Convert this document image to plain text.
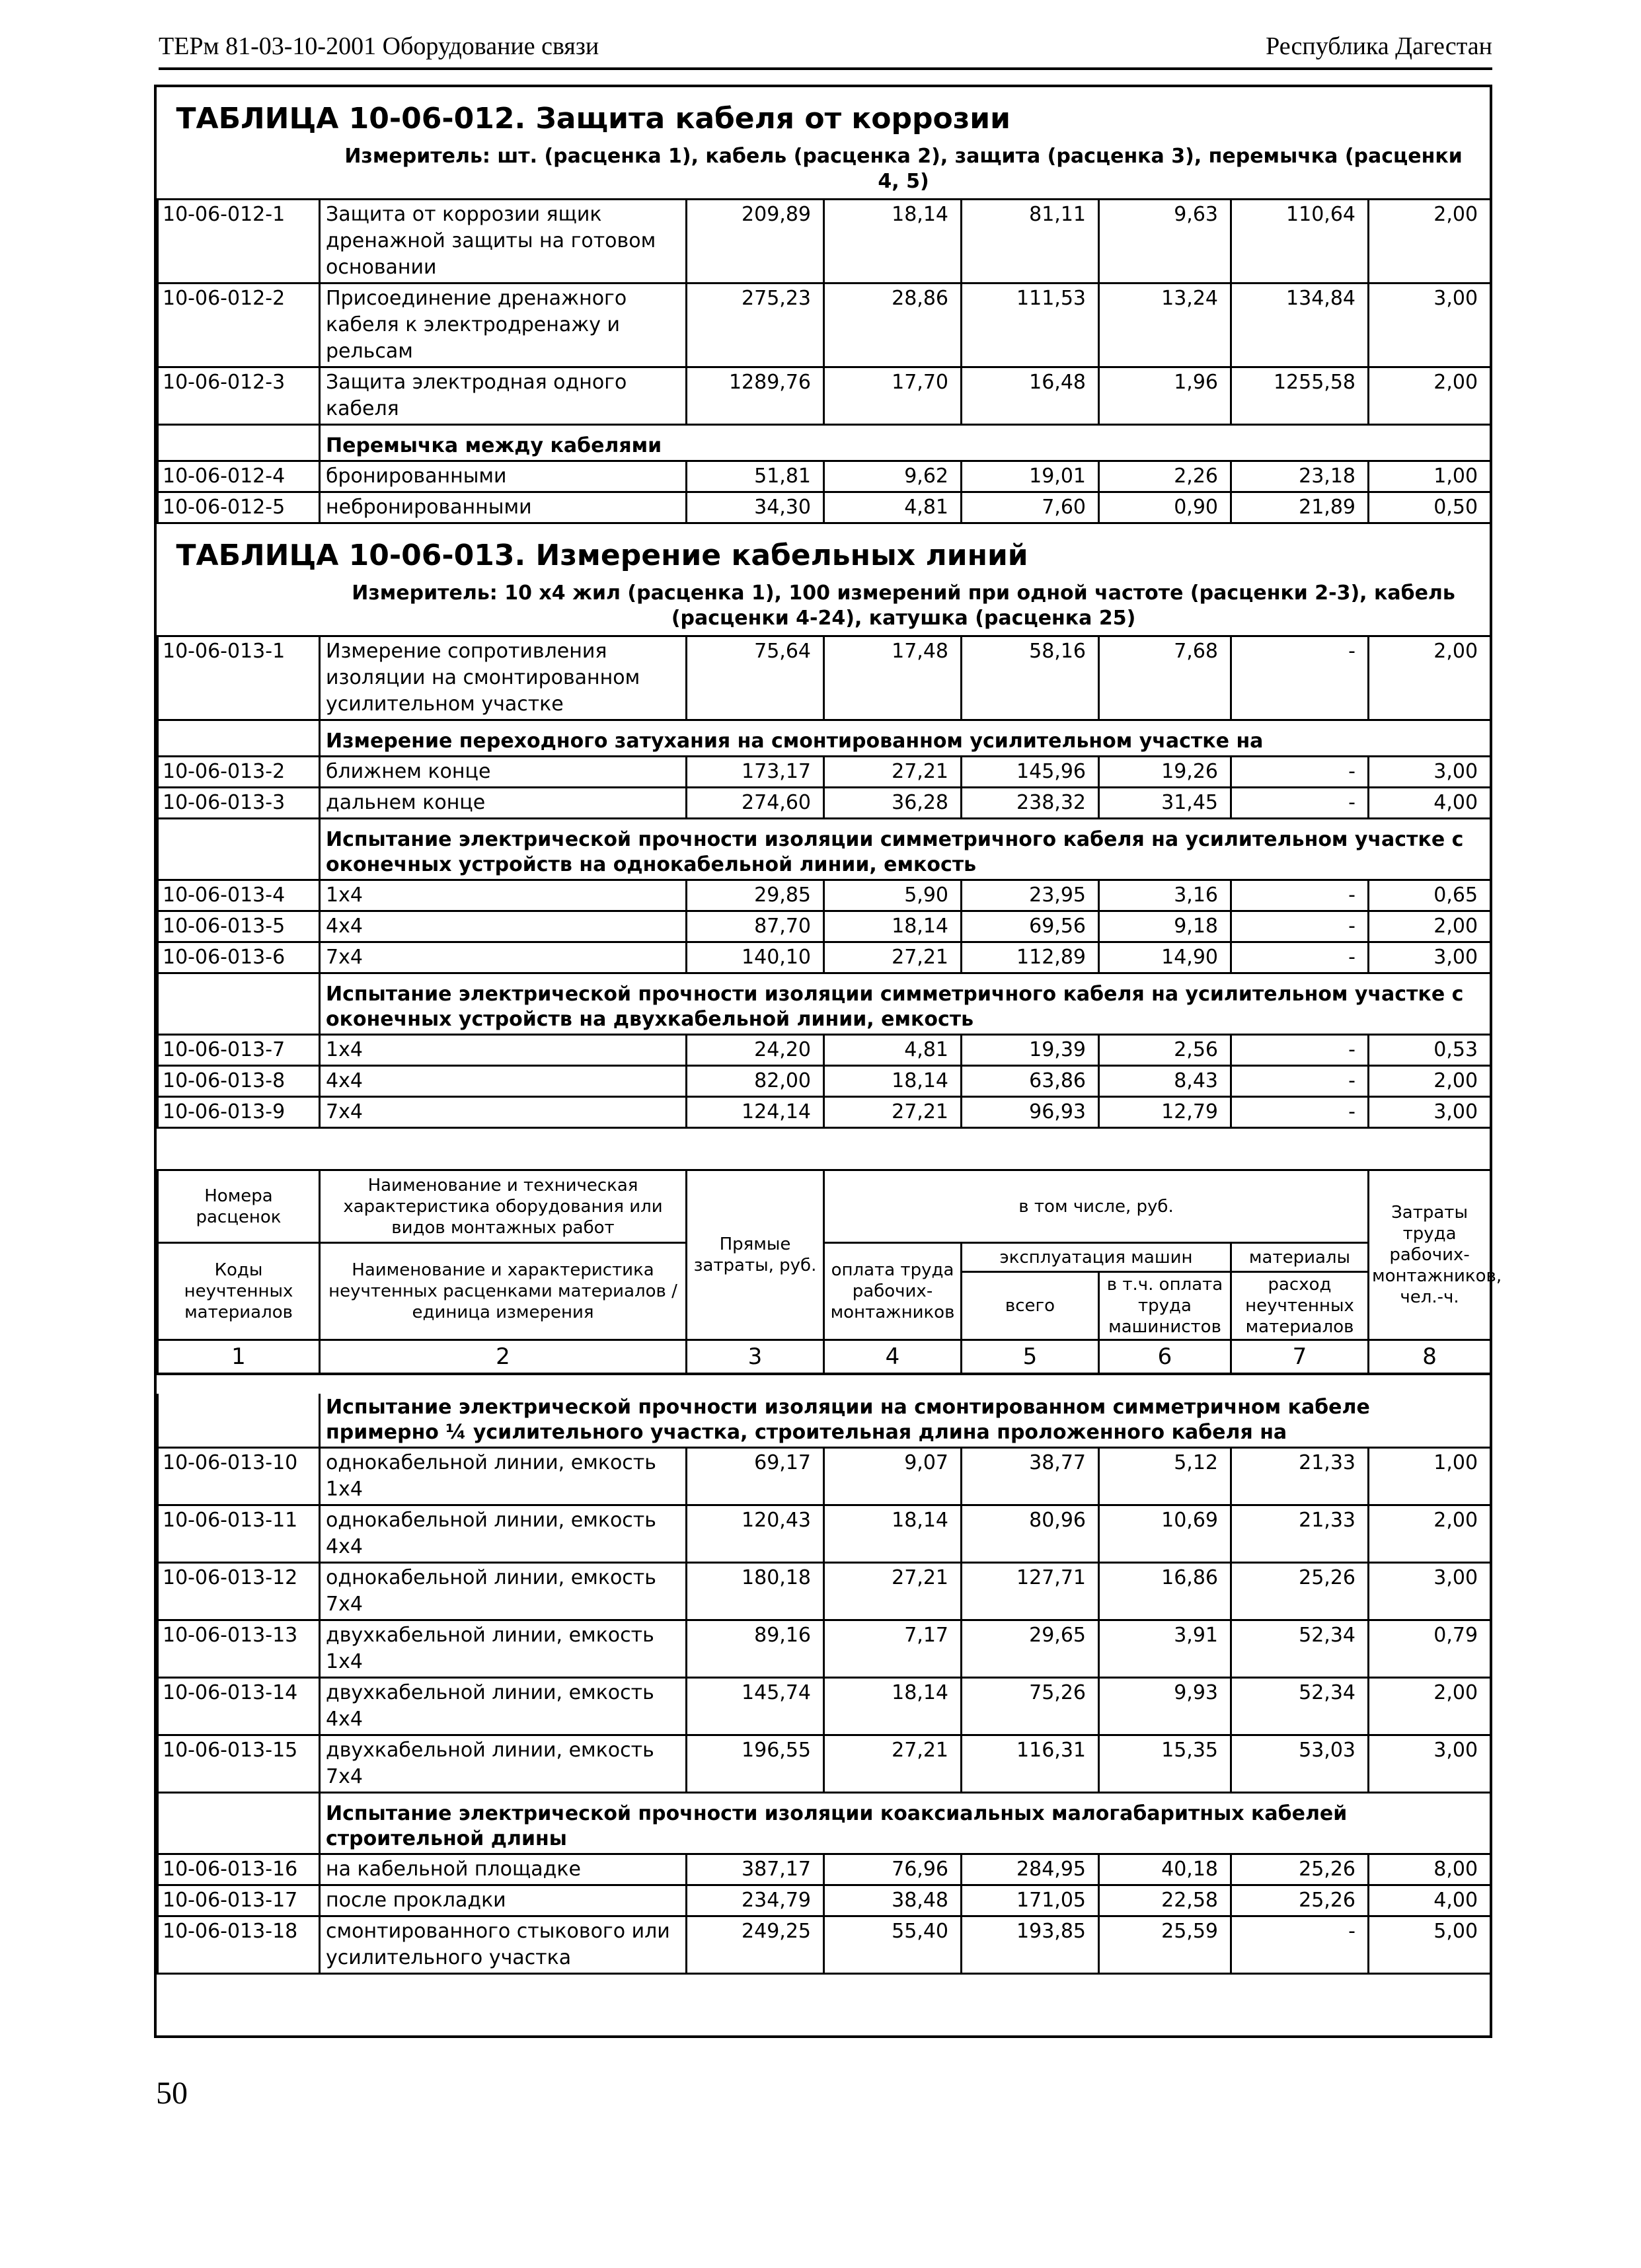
ТЕРм 81-03-10-2001 Оборудование связи	Республика Дагестан
ТАБЛИЦА 10-06-012. Защита кабеля от коррозии							
Измеритель: шт. (расценка 1), кабель (расценка 2), защита (расценка 3), перемычка (расценки 4, 5)							
10-06-012-1	Защита от коррозии ящик дренажной защиты на готовом основании	209,89	18,14	81,11	9,63	110,64	2,00
10-06-012-2	Присоединение дренажного кабеля к электродренажу и рельсам	275,23	28,86	111,53	13,24	134,84	3,00
10-06-012-3	Защита электродная одного кабеля	1289,76	17,70	16,48	1,96	1255,58	2,00
	Перемычка между кабелями						
10-06-012-4	бронированными	51,81	9,62	19,01	2,26	23,18	1,00
10-06-012-5	небронированными	34,30	4,81	7,60	0,90	21,89	0,50
ТАБЛИЦА 10-06-013. Измерение кабельных линий							
Измеритель: 10 х4 жил (расценка 1), 100 измерений при одной частоте (расценки 2-3), кабель (расценки 4-24), катушка (расценка 25)							
10-06-013-1	Измерение сопротивления изоляции на смонтированном усилительном участке	75,64	17,48	58,16	7,68	-	2,00
	Измерение переходного затухания на смонтированном усилительном участке на						
10-06-013-2	ближнем конце	173,17	27,21	145,96	19,26	-	3,00
10-06-013-3	дальнем конце	274,60	36,28	238,32	31,45	-	4,00
	Испытание электрической прочности изоляции симметричного кабеля на усилительном участке с оконечных устройств на однокабельной линии, емкость						
10-06-013-4	1х4	29,85	5,90	23,95	3,16	-	0,65
10-06-013-5	4х4	87,70	18,14	69,56	9,18	-	2,00
10-06-013-6	7х4	140,10	27,21	112,89	14,90	-	3,00
	Испытание электрической прочности изоляции симметричного кабеля на усилительном участке с оконечных устройств на двухкабельной линии, емкость						
10-06-013-7	1х4	24,20	4,81	19,39	2,56	-	0,53
10-06-013-8	4х4	82,00	18,14	63,86	8,43	-	2,00
10-06-013-9	7х4	124,14	27,21	96,93	12,79	-	3,00

Номера расценок	Наименование и техническая характеристика оборудования или видов монтажных работ	Прямые затраты, руб.	в том числе, руб.				Затраты труда рабочих-монтажников, чел.-ч.
Коды неучтенных материалов	Наименование и характеристика неучтенных расценками материалов / единица измерения		оплата труда рабочих-монтажников	эксплуатация машин		материалы	
				всего	в т.ч. оплата труда машинистов	расход неучтенных материалов	
1	2	3	4	5	6	7	8

	Испытание электрической прочности изоляции на смонтированном симметричном кабеле примерно ¼ усилительного участка, строительная длина проложенного кабеля на						
10-06-013-10	однокабельной линии, емкость 1х4	69,17	9,07	38,77	5,12	21,33	1,00
10-06-013-11	однокабельной линии, емкость 4х4	120,43	18,14	80,96	10,69	21,33	2,00
10-06-013-12	однокабельной линии, емкость 7х4	180,18	27,21	127,71	16,86	25,26	3,00
10-06-013-13	двухкабельной линии, емкость 1х4	89,16	7,17	29,65	3,91	52,34	0,79
10-06-013-14	двухкабельной линии, емкость 4х4	145,74	18,14	75,26	9,93	52,34	2,00
10-06-013-15	двухкабельной линии, емкость 7х4	196,55	27,21	116,31	15,35	53,03	3,00
	Испытание электрической прочности изоляции коаксиальных малогабаритных кабелей строительной длины						
10-06-013-16	на кабельной площадке	387,17	76,96	284,95	40,18	25,26	8,00
10-06-013-17	после прокладки	234,79	38,48	171,05	22,58	25,26	4,00
10-06-013-18	смонтированного стыкового или усилительного участка	249,25	55,40	193,85	25,59	-	5,00
50
